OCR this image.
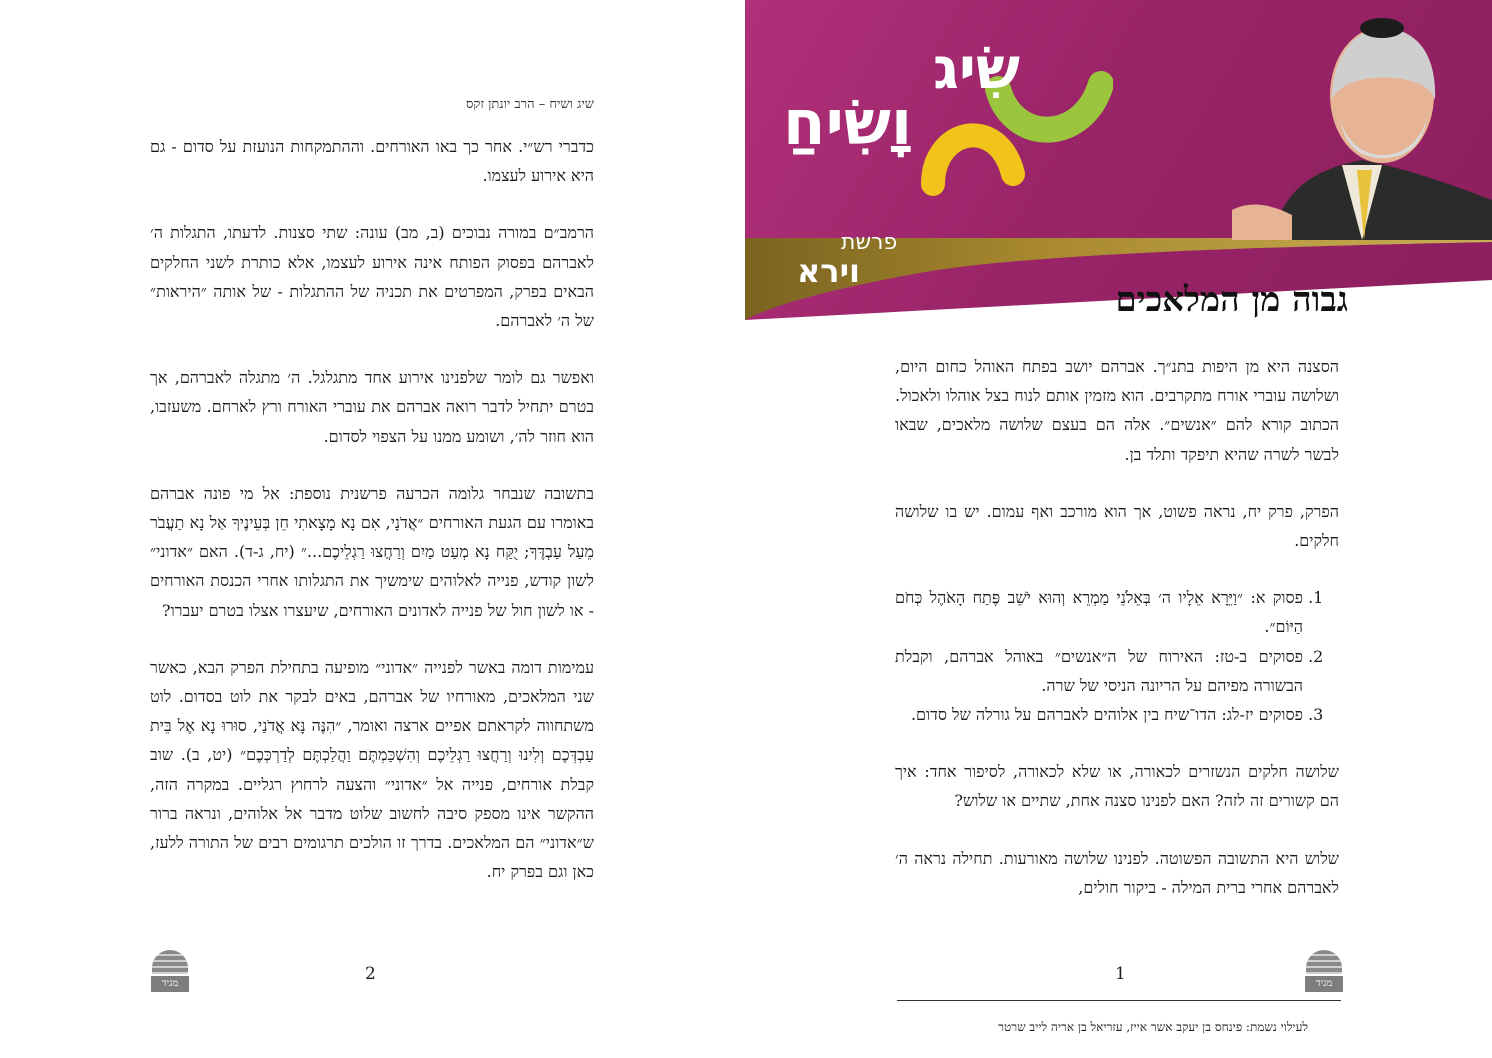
שיג ושיח – הרב יונתן זקס

כדברי רש״י. אחר כך באו האורחים. וההתמקחות הנועזת על סדום - גם היא אירוע לעצמו.

הרמב״ם במורה נבוכים (ב, מב) עונה: שתי סצנות. לדעתו, התגלות ה׳ לאברהם בפסוק הפותח אינה אירוע לעצמו, אלא כותרת לשני החלקים הבאים בפרק, המפרטים את תכניה של ההתגלות - של אותה ״היראות״ של ה׳ לאברהם.

ואפשר גם לומר שלפנינו אירוע אחד מתגלגל. ה׳ מתגלה לאברהם, אך בטרם יתחיל לדבר רואה אברהם את עוברי האורח ורץ לארחם. משעזבו, הוא חוזר לה׳, ושומע ממנו על הצפוי לסדום.

בתשובה שנבחר גלומה הכרעה פרשנית נוספת: אל מי פונה אברהם באומרו עם הגעת האורחים ״אֲדֹנָי, אִם נָא מָצָאתִי חֵן בְּעֵינֶיךָ אַל נָא תַעֲבֹר מֵעַל עַבְדֶּךָ; יֻקַּח נָא מְעַט מַיִם וְרַחֲצוּ רַגְלֵיכֶם...״ (יח, ג-ד). האם ״אדוני״ לשון קודש, פנייה לאלוהים שימשיך את התגלותו אחרי הכנסת האורחים - או לשון חול של פנייה לאדונים האורחים, שיעצרו אצלו בטרם יעברו?

עמימות דומה באשר לפנייה ״אדוני״ מופיעה בתחילת הפרק הבא, כאשר שני המלאכים, מאורחיו של אברהם, באים לבקר את לוט בסדום. לוט משתחווה לקראתם אפיים ארצה ואומר, ״הִנֶּה נָּא אֲדֹנַי, סוּרוּ נָא אֶל בֵּית עַבְדְּכֶם וְלִינוּ וְרַחֲצוּ רַגְלֵיכֶם וְהִשְׁכַּמְתֶּם וַהֲלַכְתֶּם לְדַרְכְּכֶם״ (יט, ב). שוב קבלת אורחים, פנייה אל ״אדוני״ והצעה לרחוץ רגליים. במקרה הזה, ההקשר אינו מספק סיבה לחשוב שלוט מדבר אל אלוהים, ונראה ברור ש״אדוני״ הם המלאכים. בדרך זו הולכים תרגומים רבים של התורה ללעז, כאן וגם בפרק יח.

מגיד	2
שִׂיג
וָשִׂיחַ
פרשת
וירא
גבוה מן המלאכים

הסצנה היא מן היפות בתנ״ך. אברהם יושב בפתח האוהל כחום היום, ושלושה עוברי אורח מתקרבים. הוא מזמין אותם לנוח בצל אוהלו ולאכול. הכתוב קורא להם ״אנשים״. אלה הם בעצם שלושה מלאכים, שבאו לבשר לשרה שהיא תיפקד ותלד בן.

הפרק, פרק יח, נראה פשוט, אך הוא מורכב ואף עמום. יש בו שלושה חלקים.

1. פסוק א: ״וַיֵּרָא אֵלָיו ה׳ בְּאֵלֹנֵי מַמְרֵא וְהוּא יֹשֵׁב פֶּתַח הָאֹהֶל כְּחֹם הַיּוֹם״.
2. פסוקים ב-טז: האירוח של ה״אנשים״ באוהל אברהם, וקבלת הבשורה מפיהם על הריונה הניסי של שרה.
3. פסוקים יז-לג: הדו־שיח בין אלוהים לאברהם על גורלה של סדום.

שלושה חלקים הנשזרים לכאורה, או שלא לכאורה, לסיפור אחד: איך הם קשורים זה לזה? האם לפנינו סצנה אחת, שתיים או שלוש?

שלוש היא התשובה הפשוטה. לפנינו שלושה מאורעות. תחילה נראה ה׳ לאברהם אחרי ברית המילה - ביקור חולים,

1	מגיד
לעילוי נשמת: פינחס בן יעקב אשר אייז, עזריאל בן אריה לייב שרטר
